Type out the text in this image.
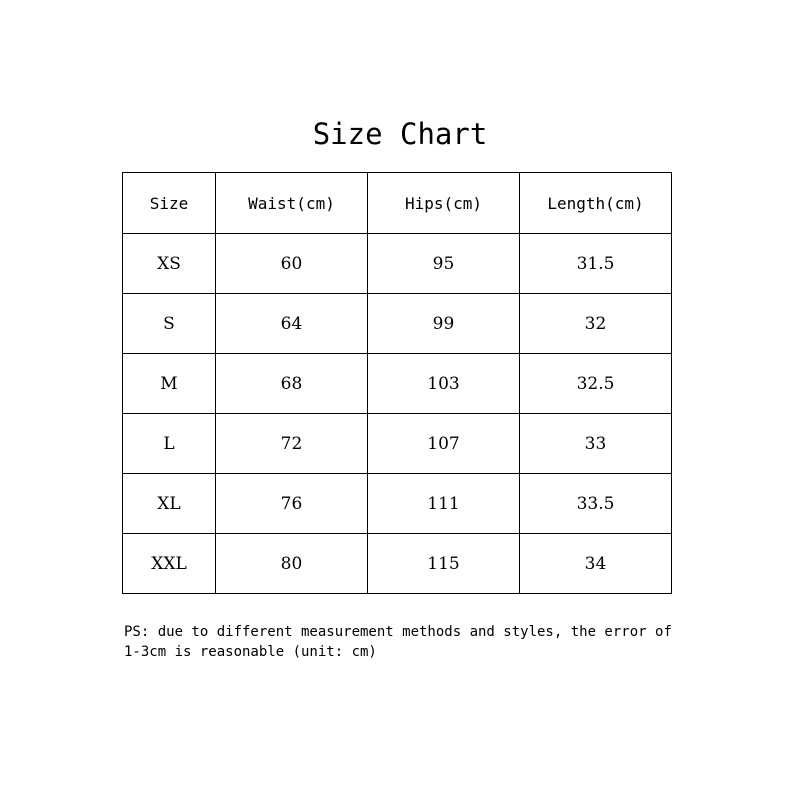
Size Chart
Size	Waist(cm)	Hips(cm)	Length(cm)
XS	60	95	31.5
S	64	99	32
M	68	103	32.5
L	72	107	33
XL	76	111	33.5
XXL	80	115	34
PS: due to different measurement methods and styles, the error of
1-3cm is reasonable (unit: cm)
